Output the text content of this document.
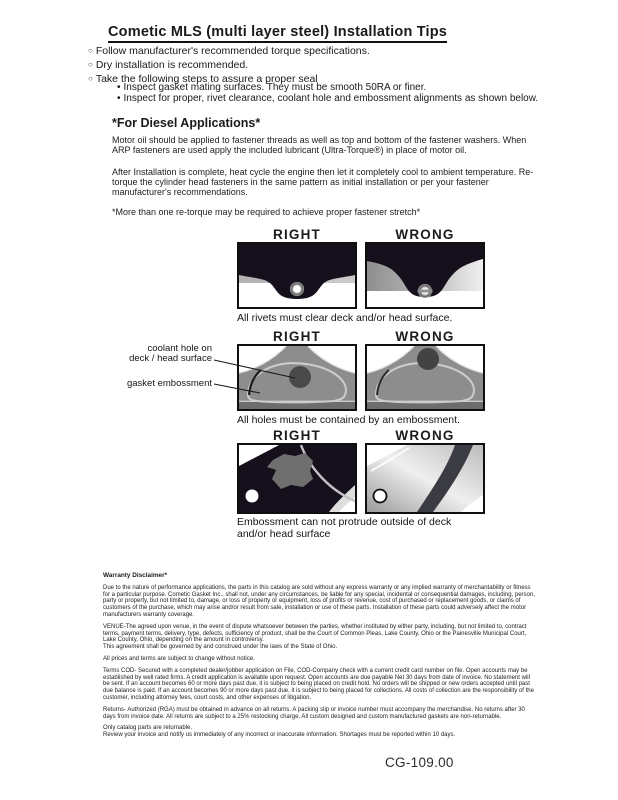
Cometic MLS (multi layer steel) Installation Tips
○ Follow manufacturer's recommended torque specifications.
○ Dry installation is recommended.
○ Take the following steps to assure a proper seal
• Inspect gasket mating surfaces. They must be smooth 50RA or finer.
• Inspect for proper, rivet clearance, coolant hole and embossment alignments as shown below.
*For Diesel Applications*
Motor oil should be applied to fastener threads as well as top and bottom of the fastener washers. When ARP fasteners are used apply the included lubricant (Ultra-Torque®) in place of motor oil.
After Installation is complete, heat cycle the engine then let it completely cool to ambient temperature. Re-torque the cylinder head fasteners in the same pattern as initial installation or per your fastener manufacturer's recommendations.
*More than one re-torque may be required to achieve proper fastener stretch*
RIGHT	WRONG
All rivets must clear deck and/or head surface.
RIGHT	WRONG
coolant hole on
deck / head surface
gasket embossment
All holes must be contained by an embossment.
RIGHT	WRONG
Embossment can not protrude outside of deck
and/or head surface
Warranty Disclaimer*

Due to the nature of performance applications, the parts in this catalog are sold without any express warranty or any implied warranty of merchantability or fitness for a particular purpose. Cometic Gasket Inc., shall not, under any circumstances, be liable for any special, incidental or consequential damages, including, person, party or property, but not limited to, damage, or loss of property or equipment, loss of profits or revenue, cost of purchased or replacement goods, or claims of customers of the purchase, which may arise and/or result from sale, installation or use of these parts. Installation of these parts could adversely affect the motor manufacturers warranty coverage.

VENUE-The agreed upon venue, in the event of dispute whatsoever between the parties, whether instituted by either party, including, but not limited to, contract terms, payment terms, delivery, type, defects, sufficiency of product, shall be the Court of Common Pleas, Lake County, Ohio or the Painesville Municipal Court, Lake County, Ohio, depending on the amount in controversy.

This agreement shall be governed by and construed under the laws of the State of Ohio.

All prices and terms are subject to change without notice.

Terms COD- Secured with a completed dealer/jobber application on File, COD-Company check with a current credit card number on file. Open accounts may be established by well rated firms. A credit application is available upon request. Open accounts are due payable Net 30 days from date of invoice. No statement will be sent. If an account becomes 60 or more days past due, it is subject to being placed on credit hold. No orders will be shipped or new orders accepted until past due balance is paid. If an account becomes 90 or more days past due, it is subject to being placed for collections. All costs of collection are the responsibility of the customer, including attorney fees, court costs, and other expenses of litigation.

Returns- Authorized (RGA) must be obtained in advance on all returns. A packing slip or invoice number must accompany the merchandise. No returns after 30 days from invoice date. All returns are subject to a 25% restocking charge. All custom designed and custom manufactured gaskets are non-returnable.

Only catalog parts are returnable.

Review your invoice and notify us immediately of any incorrect or inaccurate information. Shortages must be reported within 10 days.

CG-109.00
